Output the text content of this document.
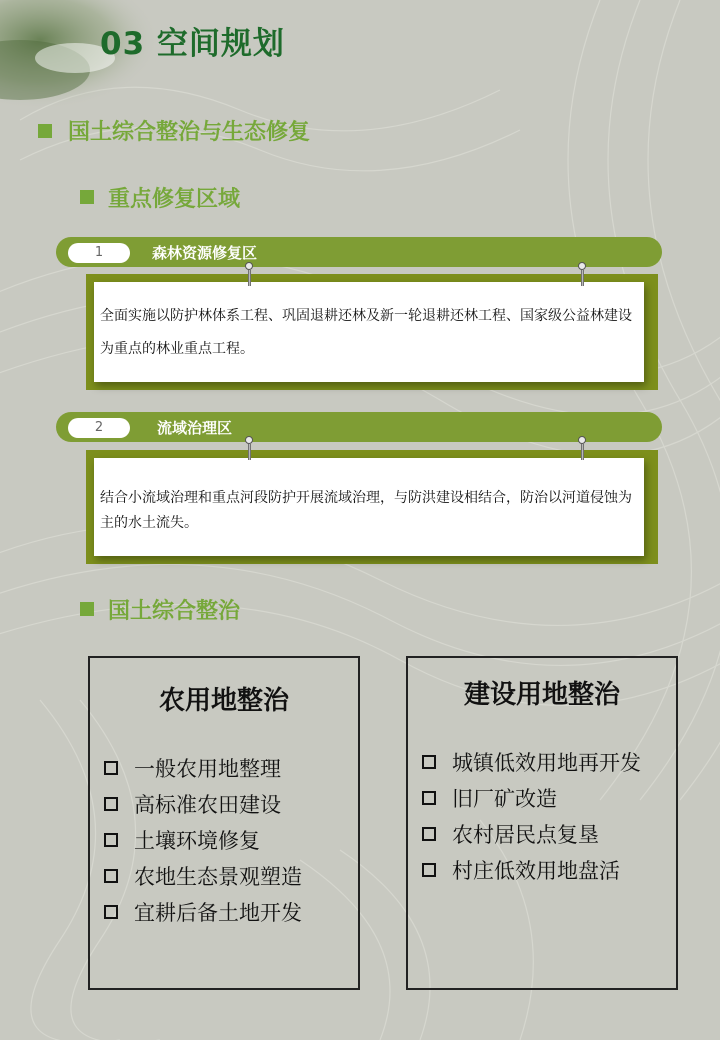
03 空间规划
国土综合整治与生态修复
重点修复区域
1	森林资源修复区
全面实施以防护林体系工程、巩固退耕还林及新一轮退耕还林工程、国家级公益林建设为重点的林业重点工程。
2	流域治理区
结合小流域治理和重点河段防护开展流域治理，与防洪建设相结合，防治以河道侵蚀为主的水土流失。
国土综合整治
农用地整治
一般农用地整理
高标准农田建设
土壤环境修复
农地生态景观塑造
宜耕后备土地开发
建设用地整治
城镇低效用地再开发
旧厂矿改造
农村居民点复垦
村庄低效用地盘活
